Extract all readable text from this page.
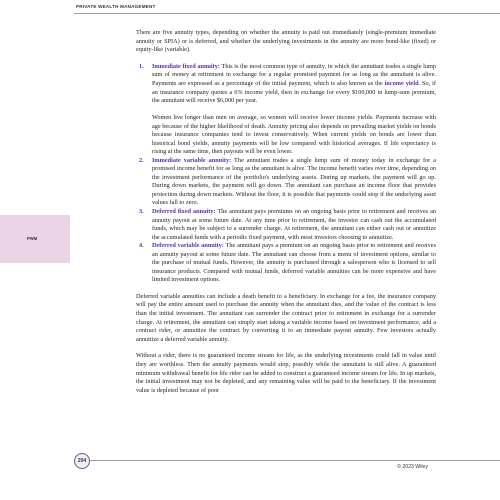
PRIVATE WEALTH MANAGEMENT
PWM

There are five annuity types, depending on whether the annuity is paid out immediately (single-premium immediate annuity or SPIA) or is deferred, and whether the underlying investments in the annuity are more bond-like (fixed) or equity-like (variable).

1. Immediate fixed annuity: This is the most common type of annuity, in which the annuitant trades a single lump sum of money at retirement in exchange for a regular promised payment for as long as the annuitant is alive. Payments are expressed as a percentage of the initial payment, which is also known as the income yield. So, if an insurance company quotes a 6% income yield, then in exchange for every $100,000 in lump-sum premium, the annuitant will receive $6,000 per year.

Women live longer than men on average, so women will receive lower income yields. Payments increase with age because of the higher likelihood of death. Annuity pricing also depends on prevailing market yields on bonds because insurance companies tend to invest conservatively. When current yields on bonds are lower than historical bond yields, annuity payments will be low compared with historical averages. If life expectancy is rising at the same time, then payouts will be even lower.

2. Immediate variable annuity: The annuitant trades a single lump sum of money today in exchange for a promised income benefit for as long as the annuitant is alive. The income benefit varies over time, depending on the investment performance of the portfolio's underlying assets. During up markets, the payment will go up. During down markets, the payment will go down. The annuitant can purchase an income floor that provides protection during down markets. Without the floor, it is possible that payments could stop if the underlying asset values fall to zero.
3. Deferred fixed annuity: The annuitant pays premiums on an ongoing basis prior to retirement and receives an annuity payout at some future date. At any time prior to retirement, the investor can cash out the accumulated funds, which may be subject to a surrender charge. At retirement, the annuitant can either cash out or annuitize the accumulated funds with a periodic fixed payment, with most investors choosing to annuitize.
4. Deferred variable annuity: The annuitant pays a premium on an ongoing basis prior to retirement and receives an annuity payout at some future date. The annuitant can choose from a menu of investment options, similar to the purchase of mutual funds. However, the annuity is purchased through a salesperson who is licensed to sell insurance products. Compared with mutual funds, deferred variable annuities can be more expensive and have limited investment options.

Deferred variable annuities can include a death benefit to a beneficiary. In exchange for a fee, the insurance company will pay the entire amount used to purchase the annuity when the annuitant dies, and the value of the contract is less than the initial investment. The annuitant can surrender the contract prior to retirement in exchange for a surrender charge. At retirement, the annuitant can simply start taking a variable income based on investment performance, add a contract rider, or annuitize the contract by converting it to an immediate payout annuity. Few investors actually annuitize a deferred variable annuity.

Without a rider, there is no guaranteed income stream for life, as the underlying investments could fall in value until they are worthless. Then the annuity payments would stop, possibly while the annuitant is still alive. A guaranteed minimum withdrawal benefit for life rider can be added to construct a guaranteed income stream for life. In up markets, the initial investment may not be depleted, and any remaining value will be paid to the beneficiary. If the investment value is depleted because of poor

204
© 2023 Wiley
